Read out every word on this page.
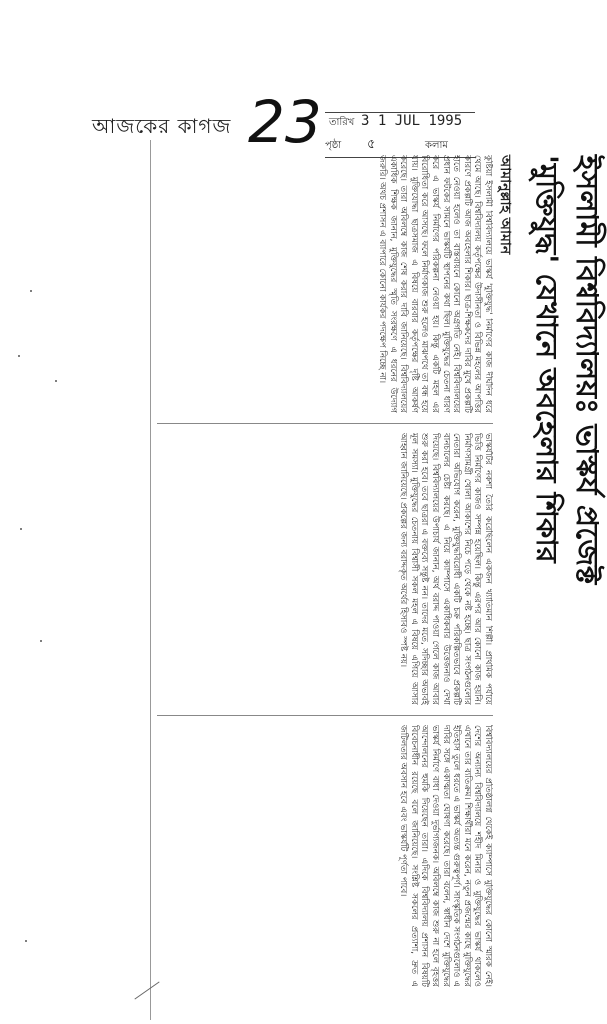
আজকের কাগজ 23 তারিখ 3 1 JUL 1995
পৃষ্ঠা ৫	কলাম
ইসলামী বিশ্ববিদ্যালয়ঃ ভাস্কর্য প্রজেক্ট
'মুক্তিযুদ্ধ' যেখানে অবহেলার শিকার
আমানুল্লাহ আমান
কুষ্টিয়া ইসলামী বিশ্ববিদ্যালয়ে ভাস্কর্য 'মুক্তিযুদ্ধ' নির্মাণের কাজ দীর্ঘদিন ধরে থেমে আছে। বিশ্ববিদ্যালয় কর্তৃপক্ষের উদাসীনতা ও বিভিন্ন মহলের আপত্তির কারণে প্রকল্পটি আজ অবহেলার শিকার। ছাত্র-শিক্ষকদের দাবির মুখে প্রকল্পটি হাতে নেওয়া হলেও তা বাস্তবায়নে কোনো অগ্রগতি নেই। বিশ্ববিদ্যালয়ের প্রধান ফটকের সামনে ভাস্কর্যটি স্থাপনের কথা ছিল। মুক্তিযুদ্ধের চেতনা ধারণ করে এ ভাস্কর্য নির্মাণের পরিকল্পনা নেওয়া হয়। কিন্তু একটি মহল এর বিরোধিতা করে আসছে। ফলে নির্মাণকাজ শুরু হলেও মাঝপথে তা বন্ধ হয়ে যায়। মুক্তিযোদ্ধা ছাত্রসমাজ এ বিষয়ে বারবার কর্তৃপক্ষের দৃষ্টি আকর্ষণ করেছে। তারা অবিলম্বে কাজ শেষ করার দাবি জানিয়েছে। বিশ্ববিদ্যালয়ের একাধিক শিক্ষক জানান, মুক্তিযুদ্ধের স্মৃতি সংরক্ষণে এ ধরনের উদ্যোগ জরুরি। অথচ প্রশাসন এ ব্যাপারে কোনো কার্যকর পদক্ষেপ নিচ্ছে না।
ভাস্কর্যটির নকশা তৈরি করেছিলেন একজন খ্যাতিমান শিল্পী। প্রাথমিক পর্যায়ে ভিত্তি নির্মাণের কাজও সম্পন্ন হয়েছিল। কিন্তু এরপর আর কোনো কাজ হয়নি। নির্মাণসামগ্রী খোলা আকাশের নিচে পড়ে থেকে নষ্ট হচ্ছে। ছাত্র সংগঠনগুলোর নেতারা অভিযোগ করেন, মুক্তিযুদ্ধবিরোধী একটি চক্র পরিকল্পিতভাবে প্রকল্পটি বানচালের চেষ্টা করছে। এ নিয়ে ক্যাম্পাসে একাধিকবার উত্তেজনাও দেখা দিয়েছে। বিশ্ববিদ্যালয়ের উপাচার্য জানান, অর্থ বরাদ্দ পাওয়া গেলে কাজ আবার শুরু করা হবে। তবে ছাত্ররা এ বক্তব্যে সন্তুষ্ট নন। তাদের মতে, সদিচ্ছার অভাবই মূল সমস্যা। মুক্তিযুদ্ধের চেতনায় বিশ্বাসী সকল মহল এ বিষয়ে এগিয়ে আসার আহ্বান জানিয়েছে। প্রকল্পের জন্য বরাদ্দকৃত অর্থের হিসাবও স্পষ্ট নয়।
বিশ্ববিদ্যালয়ের প্রতিষ্ঠালগ্ন থেকেই ক্যাম্পাসে মুক্তিযুদ্ধের কোনো স্মারক নেই। দেশের অন্যান্য বিশ্ববিদ্যালয়ে শহীদ মিনার ও মুক্তিযুদ্ধের ভাস্কর্য থাকলেও এখানে তার ব্যতিক্রম। শিক্ষার্থীরা মনে করেন, নতুন প্রজন্মের কাছে মুক্তিযুদ্ধের ইতিহাস তুলে ধরতে এ ভাস্কর্য অত্যন্ত গুরুত্বপূর্ণ। সাংস্কৃতিক সংগঠনগুলোও এ দাবির সঙ্গে একাত্মতা ঘোষণা করেছে। তারা বলেন, স্বাধীন দেশে মুক্তিযুদ্ধের ভাস্কর্য নির্মাণে বাধা দেওয়া দুর্ভাগ্যজনক। অবিলম্বে কাজ শুরু না হলে বৃহত্তর আন্দোলনের হুমকি দিয়েছেন তারা। এদিকে বিশ্ববিদ্যালয় প্রশাসন বিষয়টি বিবেচনাধীন রয়েছে বলে জানিয়েছে। সংশ্লিষ্ট সকলের প্রত্যাশা, দ্রুত এ জটিলতার অবসান হবে এবং ভাস্কর্যটি পূর্ণতা পাবে।
